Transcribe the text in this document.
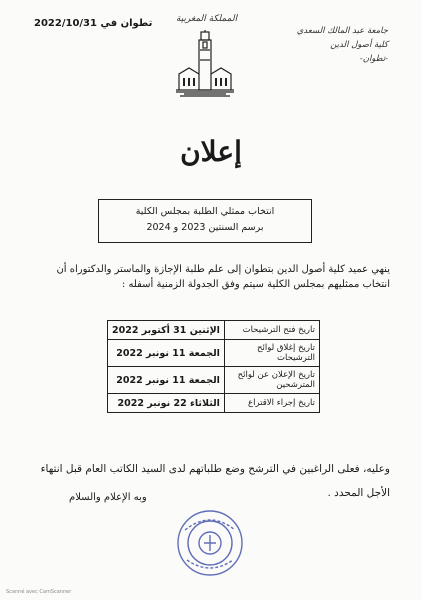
تطوان في 2022/10/31	المملكة المغربية
جامعة عبد المالك السعدي
كلية أصول الدين
-تطوان-
إعلان
انتخاب ممثلي الطلبة بمجلس الكلية
برسم السنتين 2023 و 2024
ينهي عميد كلية أصول الدين بتطوان إلى علم طلبة الإجازة والماستر والدكتوراه أن انتخاب ممثليهم بمجلس الكلية سيتم وفق الجدولة الزمنية أسفله :
تاريخ فتح الترشيحات	الإثنين 31 أكتوبر 2022
تاريخ إغلاق لوائح الترشيحات	الجمعة 11 نونبر 2022
تاريخ الإعلان عن لوائح المترشحين	الجمعة 11 نونبر 2022
تاريخ إجراء الاقتراع	الثلاثاء 22 نونبر 2022
وعليه، فعلى الراغبين في الترشح وضع طلباتهم لدى السيد الكاتب العام قبل انتهاء الأجل المحدد .
وبه الإعلام والسلام
Scanné avec CamScanner
